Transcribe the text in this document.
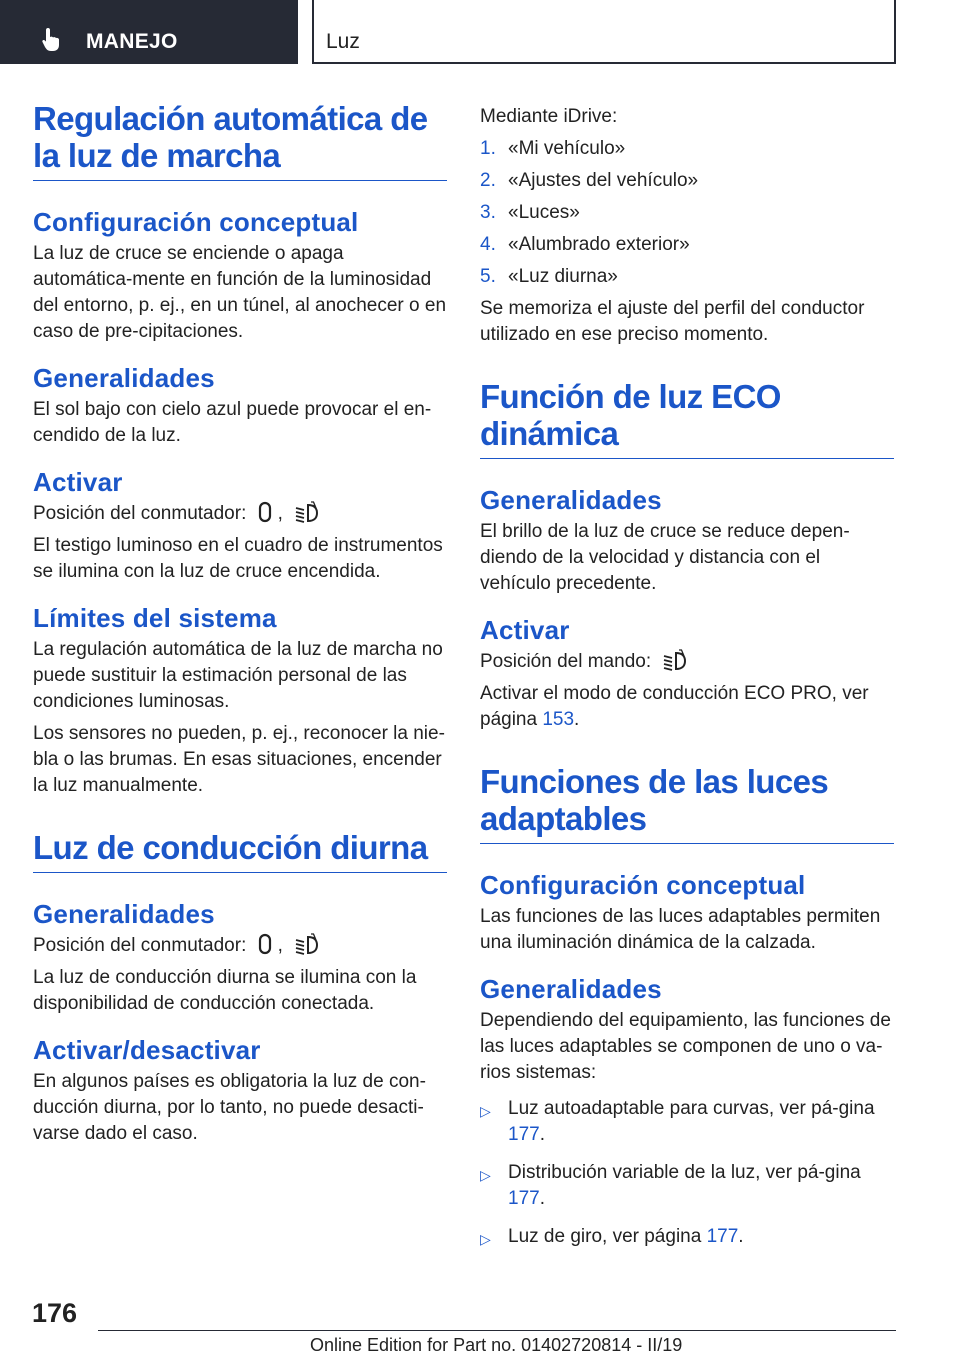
MANEJO	Luz
Regulación automática de la luz de marcha
Configuración conceptual

La luz de cruce se enciende o apaga automática-mente en función de la luminosidad del entorno, p. ej., en un túnel, al anochecer o en caso de pre-cipitaciones.

Generalidades

El sol bajo con cielo azul puede provocar el en-cendido de la luz.

Activar

Posición del conmutador: ,

El testigo luminoso en el cuadro de instrumentos se ilumina con la luz de cruce encendida.

Límites del sistema

La regulación automática de la luz de marcha no puede sustituir la estimación personal de las condiciones luminosas.

Los sensores no pueden, p. ej., reconocer la nie-bla o las brumas. En esas situaciones, encender la luz manualmente.

Luz de conducción diurna
Generalidades

Posición del conmutador: ,

La luz de conducción diurna se ilumina con la disponibilidad de conducción conectada.

Activar/desactivar

En algunos países es obligatoria la luz de con-ducción diurna, por lo tanto, no puede desacti-varse dado el caso.

Mediante iDrive:

1. «Mi vehículo»
2. «Ajustes del vehículo»
3. «Luces»
4. «Alumbrado exterior»
5. «Luz diurna»

Se memoriza el ajuste del perfil del conductor utilizado en ese preciso momento.

Función de luz ECO dinámica
Generalidades

El brillo de la luz de cruce se reduce depen-diendo de la velocidad y distancia con el vehículo precedente.

Activar

Posición del mando:

Activar el modo de conducción ECO PRO, ver página 153.

Funciones de las luces adaptables
Configuración conceptual

Las funciones de las luces adaptables permiten una iluminación dinámica de la calzada.

Generalidades

Dependiendo del equipamiento, las funciones de las luces adaptables se componen de uno o va-rios sistemas:

▷ Luz autoadaptable para curvas, ver pá-gina 177.
▷ Distribución variable de la luz, ver pá-gina 177.
▷ Luz de giro, ver página 177.
176
Online Edition for Part no. 01402720814 - II/19
